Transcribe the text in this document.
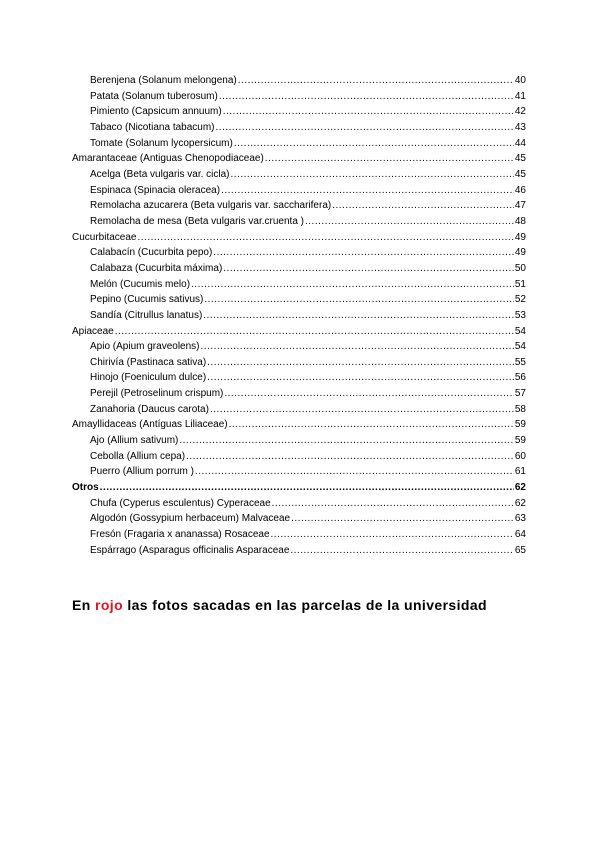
Berenjena (Solanum melongena) .....	40
Patata (Solanum tuberosum) .....	41
Pimiento (Capsicum annuum) .....	42
Tabaco (Nicotiana tabacum) .....	43
Tomate (Solanum lycopersicum) .....	44
Amarantaceae (Antiguas Chenopodiaceae) .....	45
Acelga (Beta vulgaris var. cicla) .....	45
Espinaca (Spinacia oleracea) .....	46
Remolacha azucarera (Beta vulgaris var. saccharifera) .....	47
Remolacha de mesa (Beta vulgaris var.cruenta ) .....	48
Cucurbitaceae .....	49
Calabacín (Cucurbita pepo) .....	49
Calabaza (Cucurbita máxima) .....	50
Melón (Cucumis melo) .....	51
Pepino (Cucumis sativus) .....	52
Sandía (Citrullus lanatus) .....	53
Apiaceae .....	54
Apio (Apium graveolens) .....	54
Chirivía (Pastinaca sativa) .....	55
Hinojo (Foeniculum dulce) .....	56
Perejil (Petroselinum crispum) .....	57
Zanahoria (Daucus carota) .....	58
Amayllidaceas (Antíguas Liliaceae) .....	59
Ajo (Allium sativum) .....	59
Cebolla (Allium cepa) .....	60
Puerro (Allium porrum ) .....	61
Otros .....	62
Chufa (Cyperus esculentus) Cyperaceae .....	62
Algodón (Gossypium herbaceum) Malvaceae .....	63
Fresón (Fragaria x ananassa) Rosaceae .....	64
Espárrago (Asparagus officinalis Asparaceae .....	65
En rojo las fotos sacadas en las parcelas de la universidad
